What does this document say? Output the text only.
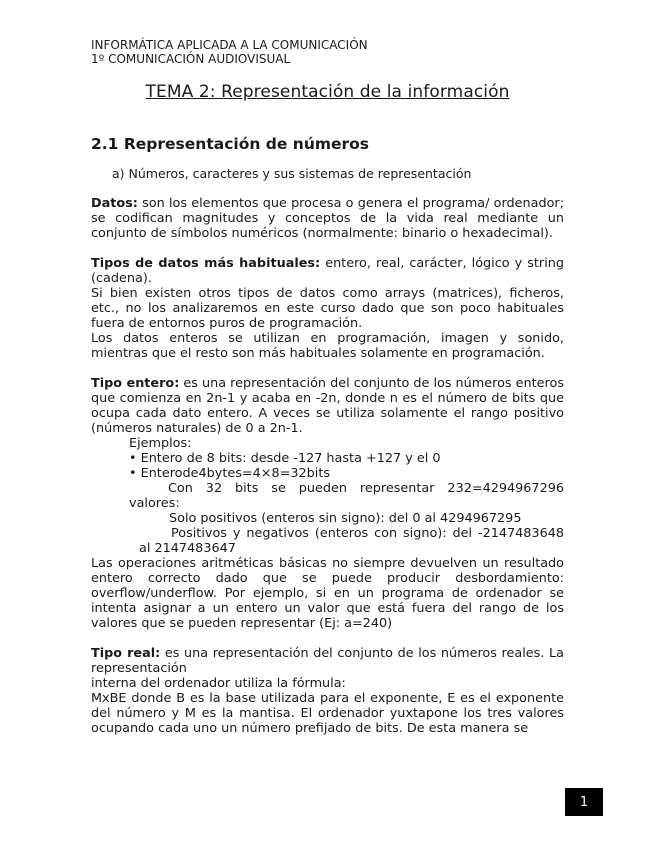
INFORMÁTICA APLICADA A LA COMUNICACIÓN
1º COMUNICACIÓN AUDIOVISUAL
TEMA 2: Representación de la información
2.1 Representación de números
a) Números, caracteres y sus sistemas de representación

Datos: son los elementos que procesa o genera el programa/ ordenador; se codifican magnitudes y conceptos de la vida real mediante un conjunto de símbolos numéricos (normalmente: binario o hexadecimal).

Tipos de datos más habituales: entero, real, carácter, lógico y string (cadena).

Si bien existen otros tipos de datos como arrays (matrices), ficheros, etc., no los analizaremos en este curso dado que son poco habituales fuera de entornos puros de programación.

Los datos enteros se utilizan en programación, imagen y sonido, mientras que el resto son más habituales solamente en programación.

Tipo entero: es una representación del conjunto de los números enteros que comienza en 2n-1 y acaba en -2n, donde n es el número de bits que ocupa cada dato entero. A veces se utiliza solamente el rango positivo (números naturales) de 0 a 2n-1.

Ejemplos:

• Entero de 8 bits: desde -127 hasta +127 y el 0

• Enterode4bytes=4×8=32bits

Con 32 bits se pueden representar 232=4294967296

valores:

Solo positivos (enteros sin signo): del 0 al 4294967295

Positivos y negativos (enteros con signo): del -2147483648

al 2147483647

Las operaciones aritméticas básicas no siempre devuelven un resultado entero correcto dado que se puede producir desbordamiento: overflow/underflow. Por ejemplo, si en un programa de ordenador se intenta asignar a un entero un valor que está fuera del rango de los valores que se pueden representar (Ej: a=240)

Tipo real: es una representación del conjunto de los números reales. La representación

interna del ordenador utiliza la fórmula:

MxBE donde B es la base utilizada para el exponente, E es el exponente del número y M es la mantisa. El ordenador yuxtapone los tres valores ocupando cada uno un número prefijado de bits. De esta manera se

1
